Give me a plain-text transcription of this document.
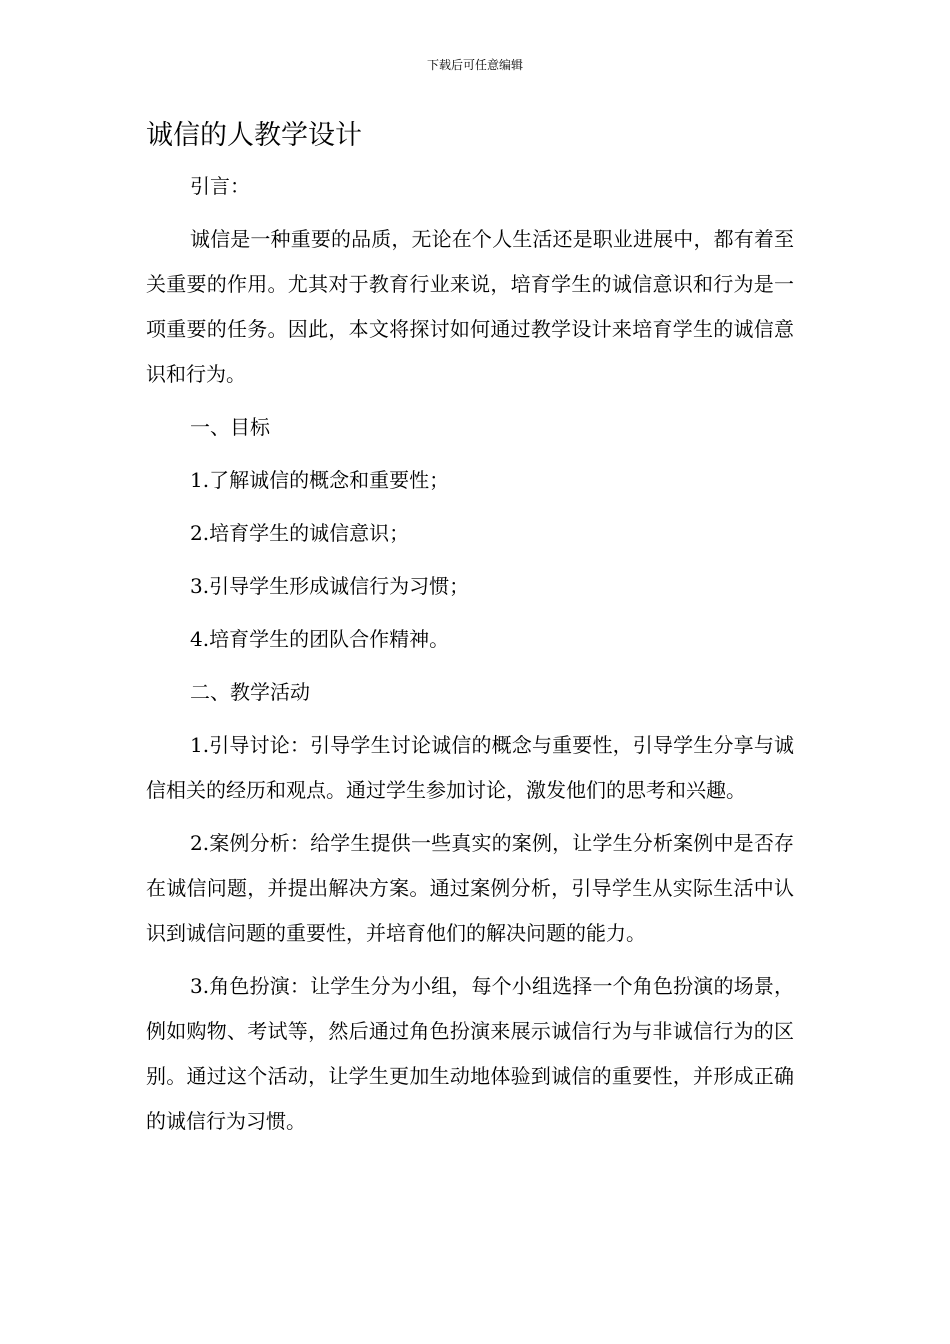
下载后可任意编辑
诚信的人教学设计

引言：

诚信是一种重要的品质，无论在个人生活还是职业进展中，都有着至关重要的作用。尤其对于教育行业来说，培育学生的诚信意识和行为是一项重要的任务。因此，本文将探讨如何通过教学设计来培育学生的诚信意识和行为。

一、目标

1.了解诚信的概念和重要性；

2.培育学生的诚信意识；

3.引导学生形成诚信行为习惯；

4.培育学生的团队合作精神。

二、教学活动

1.引导讨论：引导学生讨论诚信的概念与重要性，引导学生分享与诚信相关的经历和观点。通过学生参加讨论，激发他们的思考和兴趣。

2.案例分析：给学生提供一些真实的案例，让学生分析案例中是否存在诚信问题，并提出解决方案。通过案例分析，引导学生从实际生活中认识到诚信问题的重要性，并培育他们的解决问题的能力。

3.角色扮演：让学生分为小组，每个小组选择一个角色扮演的场景，例如购物、考试等，然后通过角色扮演来展示诚信行为与非诚信行为的区别。通过这个活动，让学生更加生动地体验到诚信的重要性，并形成正确的诚信行为习惯。
